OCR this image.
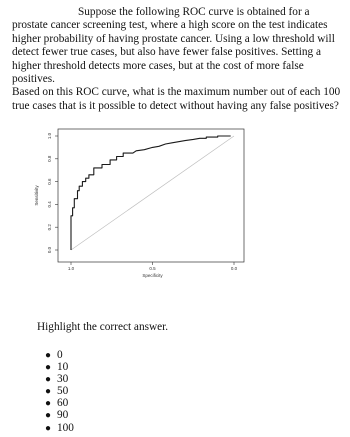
Suppose the following ROC curve is obtained for a prostate cancer screening test, where a high score on the test indicates higher probability of having prostate cancer. Using a low threshold will detect fewer true cases, but also have fewer false positives. Setting a higher threshold detects more cases, but at the cost of more false positives.

Based on this ROC curve, what is the maximum number out of each 100 true cases that is it possible to detect without having any false positives?

0.0
0.2
0.4
0.6
0.8
1.0
Sensitivity
1.0	0.5	0.0
Specificity

Highlight the correct answer.

● 0
● 10
● 30
● 50
● 60
● 90
● 100
